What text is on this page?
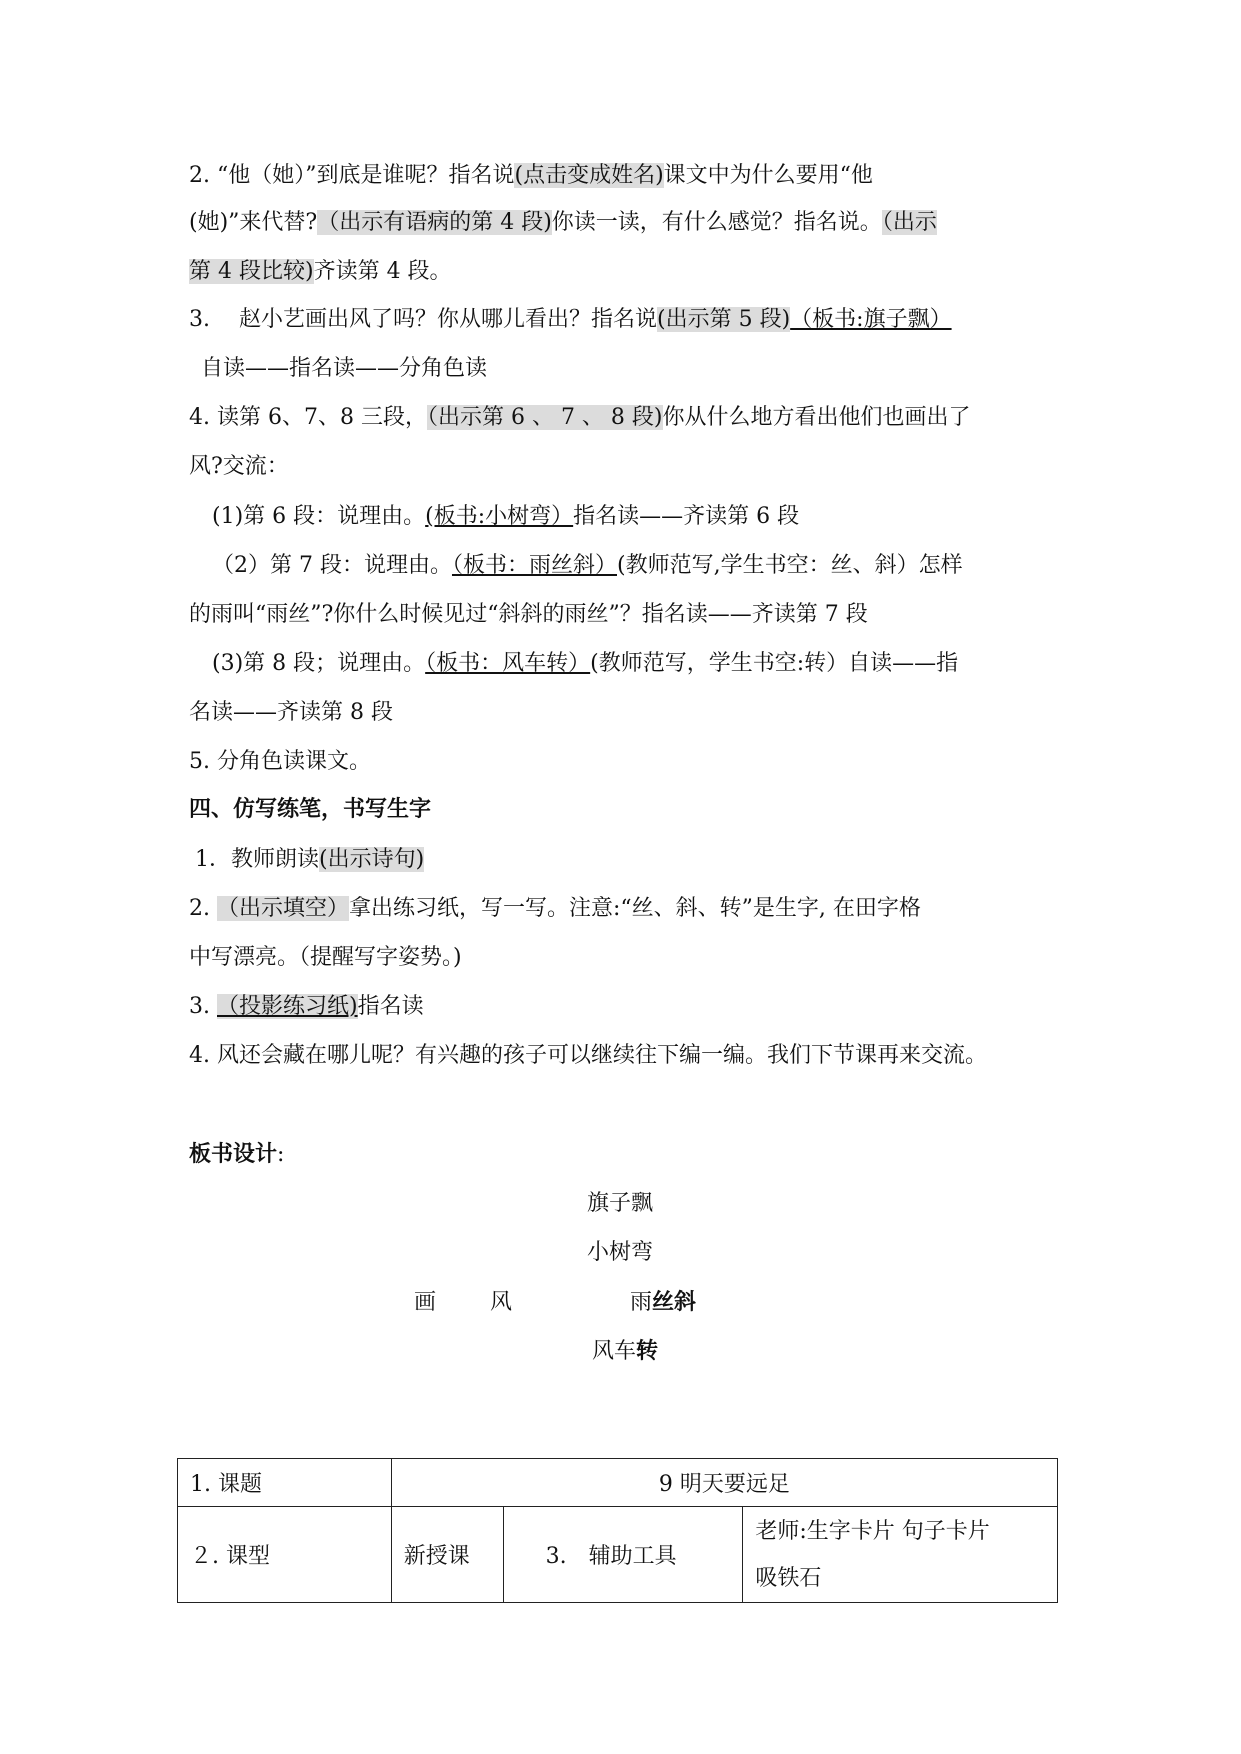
2. “他（她）”到底是谁呢？指名说(点击变成姓名)课文中为什么要用“他
(她)”来代替?（出示有语病的第 4 段)你读一读，有什么感觉？指名说。（出示
第 4 段比较)齐读第 4 段。
3.　 赵小艺画出风了吗？你从哪儿看出？指名说(出示第 5 段)（板书:旗子飘）
自读——指名读——分角色读
4. 读第 6、7、8 三段，（出示第 6 、 7 、 8 段)你从什么地方看出他们也画出了
风?交流：
(1)第 6 段：说理由。(板书:小树弯）指名读——齐读第 6 段
（2）第 7 段：说理由。（板书：雨丝斜）(教师范写,学生书空：丝、斜）怎样
的雨叫“雨丝”?你什么时候见过“斜斜的雨丝”？指名读——齐读第 7 段
(3)第 8 段；说理由。（板书：风车转）(教师范写，学生书空:转）自读——指
名读——齐读第 8 段
5. 分角色读课文。
四、仿写练笔，书写生字
1．教师朗读(出示诗句)
2. （出示填空）拿出练习纸，写一写。注意:“丝、斜、转”是生字, 在田字格
中写漂亮。（提醒写字姿势。)
3. （投影练习纸)指名读
4. 风还会藏在哪儿呢？有兴趣的孩子可以继续往下编一编。我们下节课再来交流。
板书设计:
旗子飘
小树弯
画 风	雨丝斜
风车转
1. 课题	9 明天要远足		
２. 课型	新授课	3.　辅助工具	老师:生字卡片 句子卡片
吸铁石
